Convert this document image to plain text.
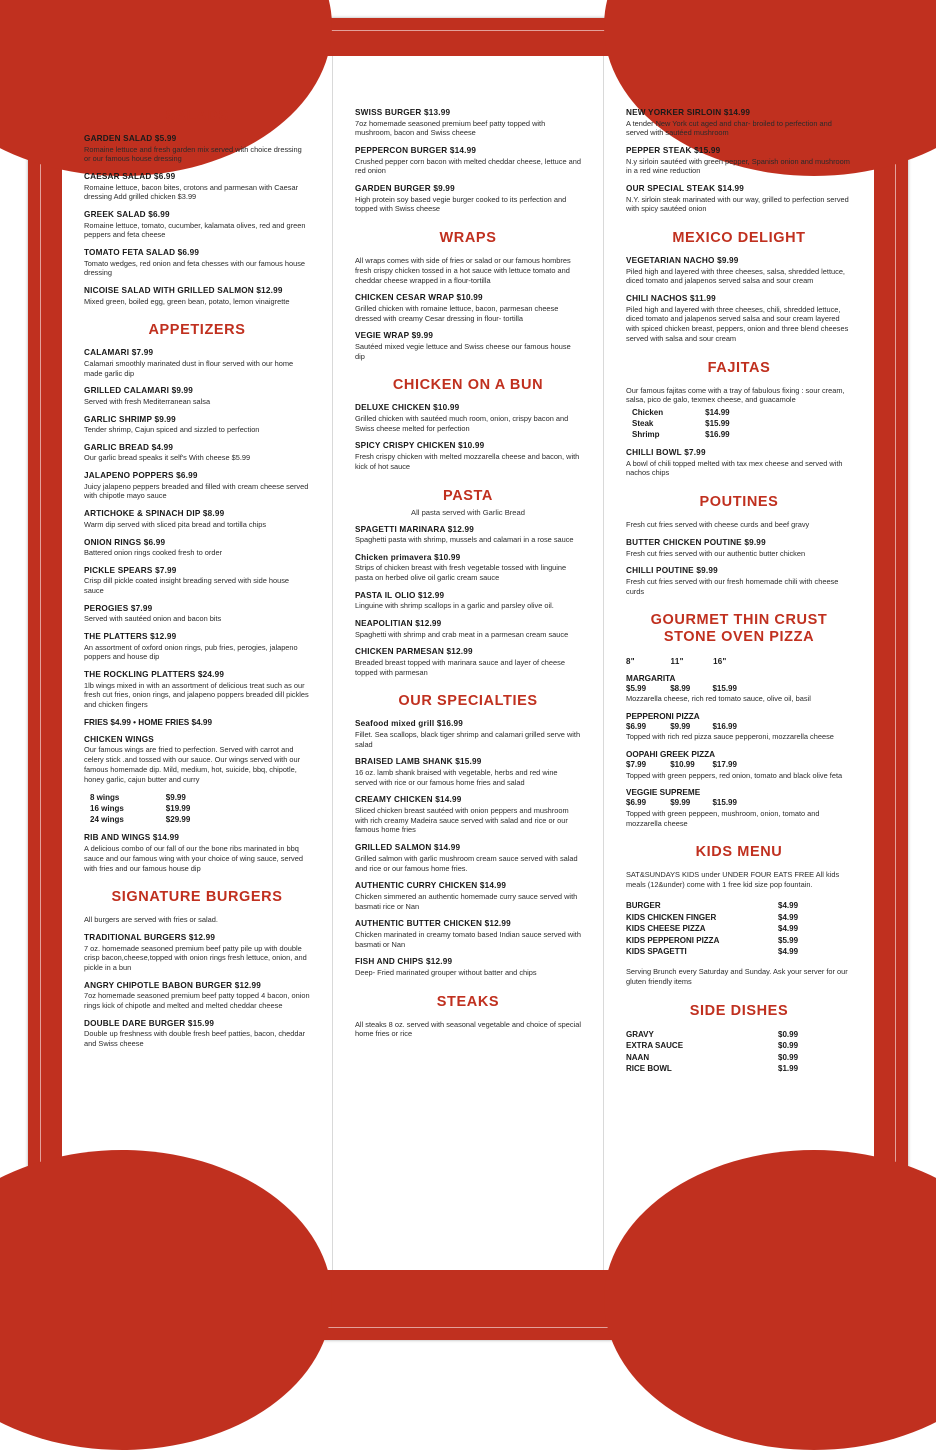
SALADS
GARDEN SALAD $5.99
Romaine lettuce and fresh garden mix served with choice dressing or our famous house dressing
CAESAR SALAD $6.99
Romaine lettuce, bacon bites, crotons and parmesan with Caesar dressing Add grilled chicken $3.99
GREEK SALAD $6.99
Romaine lettuce, tomato, cucumber, kalamata olives, red and green peppers and feta cheese
TOMATO FETA SALAD $6.99
Tomato wedges, red onion and feta chesses with our famous house dressing
NICOISE SALAD WITH GRILLED SALMON $12.99
Mixed green, boiled egg, green bean, potato, lemon vinaigrette
APPETIZERS
CALAMARI $7.99
Calamari smoothly marinated dust in flour served with our home made garlic dip
GRILLED CALAMARI $9.99
Served with fresh Mediterranean salsa
GARLIC SHRIMP $9.99
Tender shrimp, Cajun spiced and sizzled to perfection
GARLIC BREAD $4.99
Our garlic bread speaks it self's With cheese $5.99
JALAPENO POPPERS $6.99
Juicy jalapeno peppers breaded and filled with cream cheese served with chipotle mayo sauce
ARTICHOKE & SPINACH DIP $8.99
Warm dip served with sliced pita bread and tortilla chips
ONION RINGS $6.99
Battered onion rings cooked fresh to order
PICKLE SPEARS $7.99
Crisp dill pickle coated insight breading served with side house sauce
PEROGIES $7.99
Served with sautéed onion and bacon bits
THE PLATTERS $12.99
An assortment of oxford onion rings, pub fries, perogies, jalapeno poppers and house dip
THE ROCKLING PLATTERS $24.99
1lb wings mixed in with an assortment of delicious treat such as our fresh cut fries, onion rings, and jalapeno poppers breaded dill pickles and chicken fingers
FRIES $4.99 • HOME FRIES $4.99
CHICKEN WINGS
Our famous wings are fried to perfection. Served with carrot and celery stick .and tossed with our sauce. Our wings served with our famous homemade dip. Mild, medium, hot, suicide, bbq, chipotle, honey garlic, cajun butter and curry
8 wings	$9.99
16 wings	$19.99
24 wings	$29.99
RIB AND WINGS $14.99
A delicious combo of our fall of our the bone ribs marinated in bbq sauce and our famous wing with your choice of wing sauce, served with fries and our famous house dip
SIGNATURE BURGERS
All burgers are served with fries or salad.
TRADITIONAL BURGERS $12.99
7 oz. homemade seasoned premium beef patty pile up with double crisp bacon,cheese,topped with onion rings fresh lettuce, onion, and pickle in a bun
ANGRY CHIPOTLE BABON BURGER $12.99
7oz homemade seasoned premium beef patty topped 4 bacon, onion rings kick of chipotle and melted and melted cheddar cheese
DOUBLE DARE BURGER $15.99
Double up freshness with double fresh beef patties, bacon, cheddar and Swiss cheese
SWISS BURGER $13.99
7oz homemade seasoned premium beef patty topped with mushroom, bacon and Swiss cheese
PEPPERCON BURGER $14.99
Crushed pepper corn bacon with melted cheddar cheese, lettuce and red onion
GARDEN BURGER $9.99
High protein soy based vegie burger cooked to its perfection and topped with Swiss cheese
WRAPS
All wraps comes with side of fries or salad or our famous hombres fresh crispy chicken tossed in a hot sauce with lettuce tomato and cheddar cheese wrapped in a flour-tortilla
CHICKEN CESAR WRAP $10.99
Grilled chicken with romaine lettuce, bacon, parmesan cheese dressed with creamy Cesar dressing in flour- tortilla
VEGIE WRAP $9.99
Sautéed mixed vegie lettuce and Swiss cheese our famous house dip
CHICKEN ON A BUN
DELUXE CHICKEN $10.99
Grilled chicken with sautéed much room, onion, crispy bacon and Swiss cheese melted for perfection
SPICY CRISPY CHICKEN $10.99
Fresh crispy chicken with melted mozzarella cheese and bacon, with kick of hot sauce
PASTA
All pasta served with Garlic Bread
SPAGETTI MARINARA $12.99
Spaghetti pasta with shrimp, mussels and calamari in a rose sauce
Chicken primavera $10.99
Strips of chicken breast with fresh vegetable tossed with linguine pasta on herbed olive oil garlic cream sauce
PASTA IL OLIO $12.99
Linguine with shrimp scallops in a garlic and parsley olive oil.
NEAPOLITIAN $12.99
Spaghetti with shrimp and crab meat in a parmesan cream sauce
CHICKEN PARMESAN $12.99
Breaded breast topped with marinara sauce and layer of cheese topped with parmesan
OUR SPECIALTIES
Seafood mixed grill $16.99
Fillet. Sea scallops, black tiger shrimp and calamari grilled serve with salad
BRAISED LAMB SHANK $15.99
16 oz. lamb shank braised with vegetable, herbs and red wine served with rice or our famous home fries and salad
CREAMY CHICKEN $14.99
Sliced chicken breast sautéed with onion peppers and mushroom with rich creamy Madeira sauce served with salad and rice or our famous home fries
GRILLED SALMON $14.99
Grilled salmon with garlic mushroom cream sauce served with salad and rice or our famous home fries.
AUTHENTIC CURRY CHICKEN $14.99
Chicken simmered an authentic homemade curry sauce served with basmati rice or Nan
AUTHENTIC BUTTER CHICKEN $12.99
Chicken marinated in creamy tomato based Indian sauce served with basmati or Nan
FISH AND CHIPS $12.99
Deep- Fried marinated grouper without batter and chips
STEAKS
All steaks 8 oz. served with seasonal vegetable and choice of special home fries or rice
NEW YORKER SIRLOIN $14.99
A tender New York cut aged and char- broiled to perfection and served with sautéed mushroom
PEPPER STEAK $15.99
N.y sirloin sautéed with green pepper, Spanish onion and mushroom in a red wine reduction
OUR SPECIAL STEAK $14.99
N.Y. sirloin steak marinated with our way, grilled to perfection served with spicy sautéed onion
MEXICO DELIGHT
VEGETARIAN NACHO $9.99
Piled high and layered with three cheeses, salsa, shredded lettuce, diced tomato and jalapenos served salsa and sour cream
CHILI NACHOS $11.99
Piled high and layered with three cheeses, chili, shredded lettuce, diced tomato and jalapenos served salsa and sour cream layered with spiced chicken breast, peppers, onion and three blend cheeses served with salsa and sour cream
FAJITAS
Our famous fajitas come with a tray of fabulous fixing : sour cream, salsa, pico de galo, texmex cheese, and guacamole
Chicken	$14.99
Steak	$15.99
Shrimp	$16.99
CHILLI BOWL $7.99
A bowl of chili topped melted with tax mex cheese and served with nachos chips
POUTINES
Fresh cut fries served with cheese curds and beef gravy
BUTTER CHICKEN POUTINE $9.99
Fresh cut fries served with our authentic butter chicken
CHILLI POUTINE $9.99
Fresh cut fries served with our fresh homemade chili with cheese curds
GOURMET THIN CRUST
STONE OVEN PIZZA
8"	11"	16"
MARGARITA
$5.99	$8.99	$15.99
Mozzarella cheese, rich red tomato sauce, olive oil, basil
PEPPERONI PIZZA
$6.99	$9.99	$16.99
Topped with rich red pizza sauce pepperoni, mozzarella cheese
OOPAHI GREEK PIZZA
$7.99	$10.99 $17.99
Topped with green peppers, red onion, tomato and black olive feta
VEGGIE SUPREME
$6.99	$9.99	$15.99
Topped with green peppeen, mushroom, onion, tomato and mozzarella cheese
KIDS MENU
SAT&SUNDAYS KIDS under UNDER FOUR EATS FREE All kids meals (12&under) come with 1 free kid size pop fountain.
BURGER	$4.99
KIDS CHICKEN FINGER	$4.99
KIDS CHEESE PIZZA	$4.99
KIDS PEPPERONI PIZZA	$5.99
KIDS SPAGETTI	$4.99
Serving Brunch every Saturday and Sunday. Ask your server for our gluten friendly items
SIDE DISHES
GRAVY	$0.99
EXTRA SAUCE	$0.99
NAAN	$0.99
RICE BOWL	$1.99
